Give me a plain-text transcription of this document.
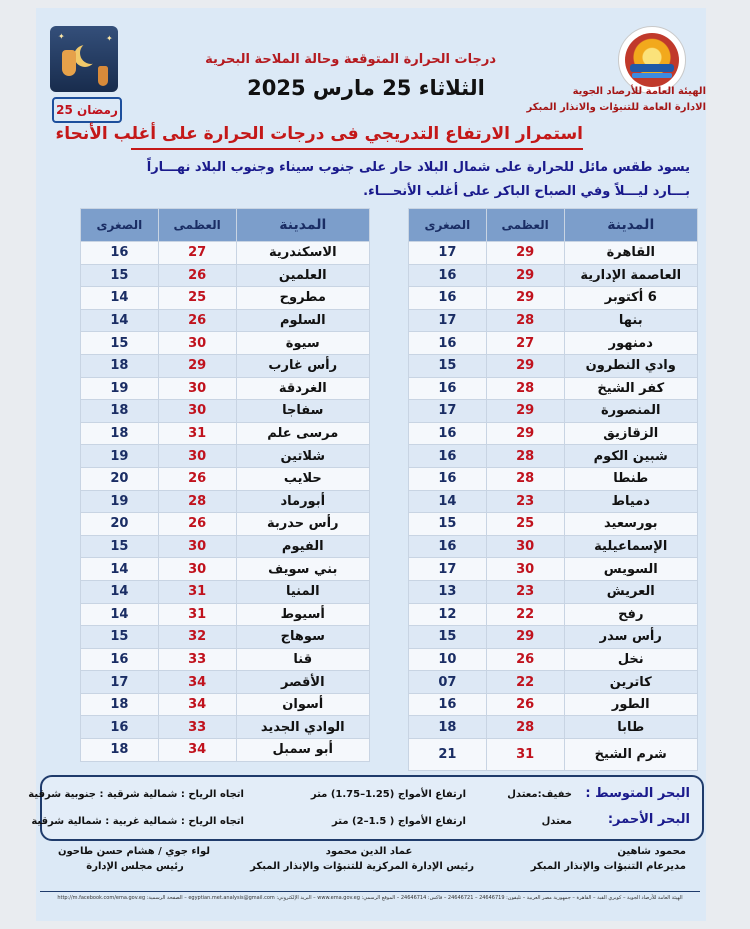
✦	✦
25 رمضان
الهيئة العامة للأرصاد الجوية
الادارة العامة للتنبؤات والانذار المبكر
درجات الحرارة المتوقعة وحالة الملاحة البحرية
الثلاثاء 25 مارس 2025
استمرار الارتفاع التدريجي فى درجات الحرارة على أغلب الأنحاء
يسود طقس مائل للحرارة على شمال البلاد حار على جنوب سيناء وجنوب البلاد نهـــاراً
بـــارد ليـــلاً وفي الصباح الباكر على أغلب الأنحـــاء.
المدينة	العظمى	الصغرى
القاهرة	29	17
العاصمة الإدارية	29	16
6 أكتوبر	29	16
بنها	28	17
دمنهور	27	16
وادي النطرون	29	15
كفر الشيخ	28	16
المنصورة	29	17
الزقازيق	29	16
شبين الكوم	28	16
طنطا	28	16
دمياط	23	14
بورسعيد	25	15
الإسماعيلية	30	16
السويس	30	17
العريش	23	13
رفح	22	12
رأس سدر	29	15
نخل	26	10
كاترين	22	07
الطور	26	16
طابا	28	18
شرم الشيخ	31	21
المدينة	العظمى	الصغرى
الاسكندرية	27	16
العلمين	26	15
مطروح	25	14
السلوم	26	14
سيوة	30	15
رأس غارب	29	18
الغردقة	30	19
سفاجا	30	18
مرسى علم	31	18
شلاتين	30	19
حلايب	26	20
أبورماد	28	19
رأس حدربة	26	20
الفيوم	30	15
بني سويف	30	14
المنيا	31	14
أسيوط	31	14
سوهاج	32	15
قنا	33	16
الأقصر	34	17
أسوان	34	18
الوادي الجديد	33	16
أبو سمبل	34	18
البحر المتوسط :
خفيف:معتدل
ارتفاع الأمواج (1.25–1.75) متر
اتجاه الرياح : شمالية شرقية : جنوبية شرقية
البحر الأحمر:
معتدل
ارتفاع الأمواج ( 1.5–2) متر
اتجاه الرياح : شمالية غربية : شمالية شرقية
محمود شاهين
مديرعام التنبؤات والإنذار المبكر
عماد الدين محمود
رئيس الإدارة المركزية للتنبؤات والإنذار المبكر
لواء جوي / هشام حسن طاحون
رئيس مجلس الإدارة
الهيئة العامة للأرصاد الجوية – كوبري القبة – القاهرة – جمهورية مصر العربية – تليفون: 24646719 – 24646721 – فاكس: 24646714 – الموقع الرسمي: www.ema.gov.eg – البريد الإلكتروني: egyptian.met.analysis@gmail.com – الصفحة الرسمية: http://m.facebook.com/ema.gov.eg
